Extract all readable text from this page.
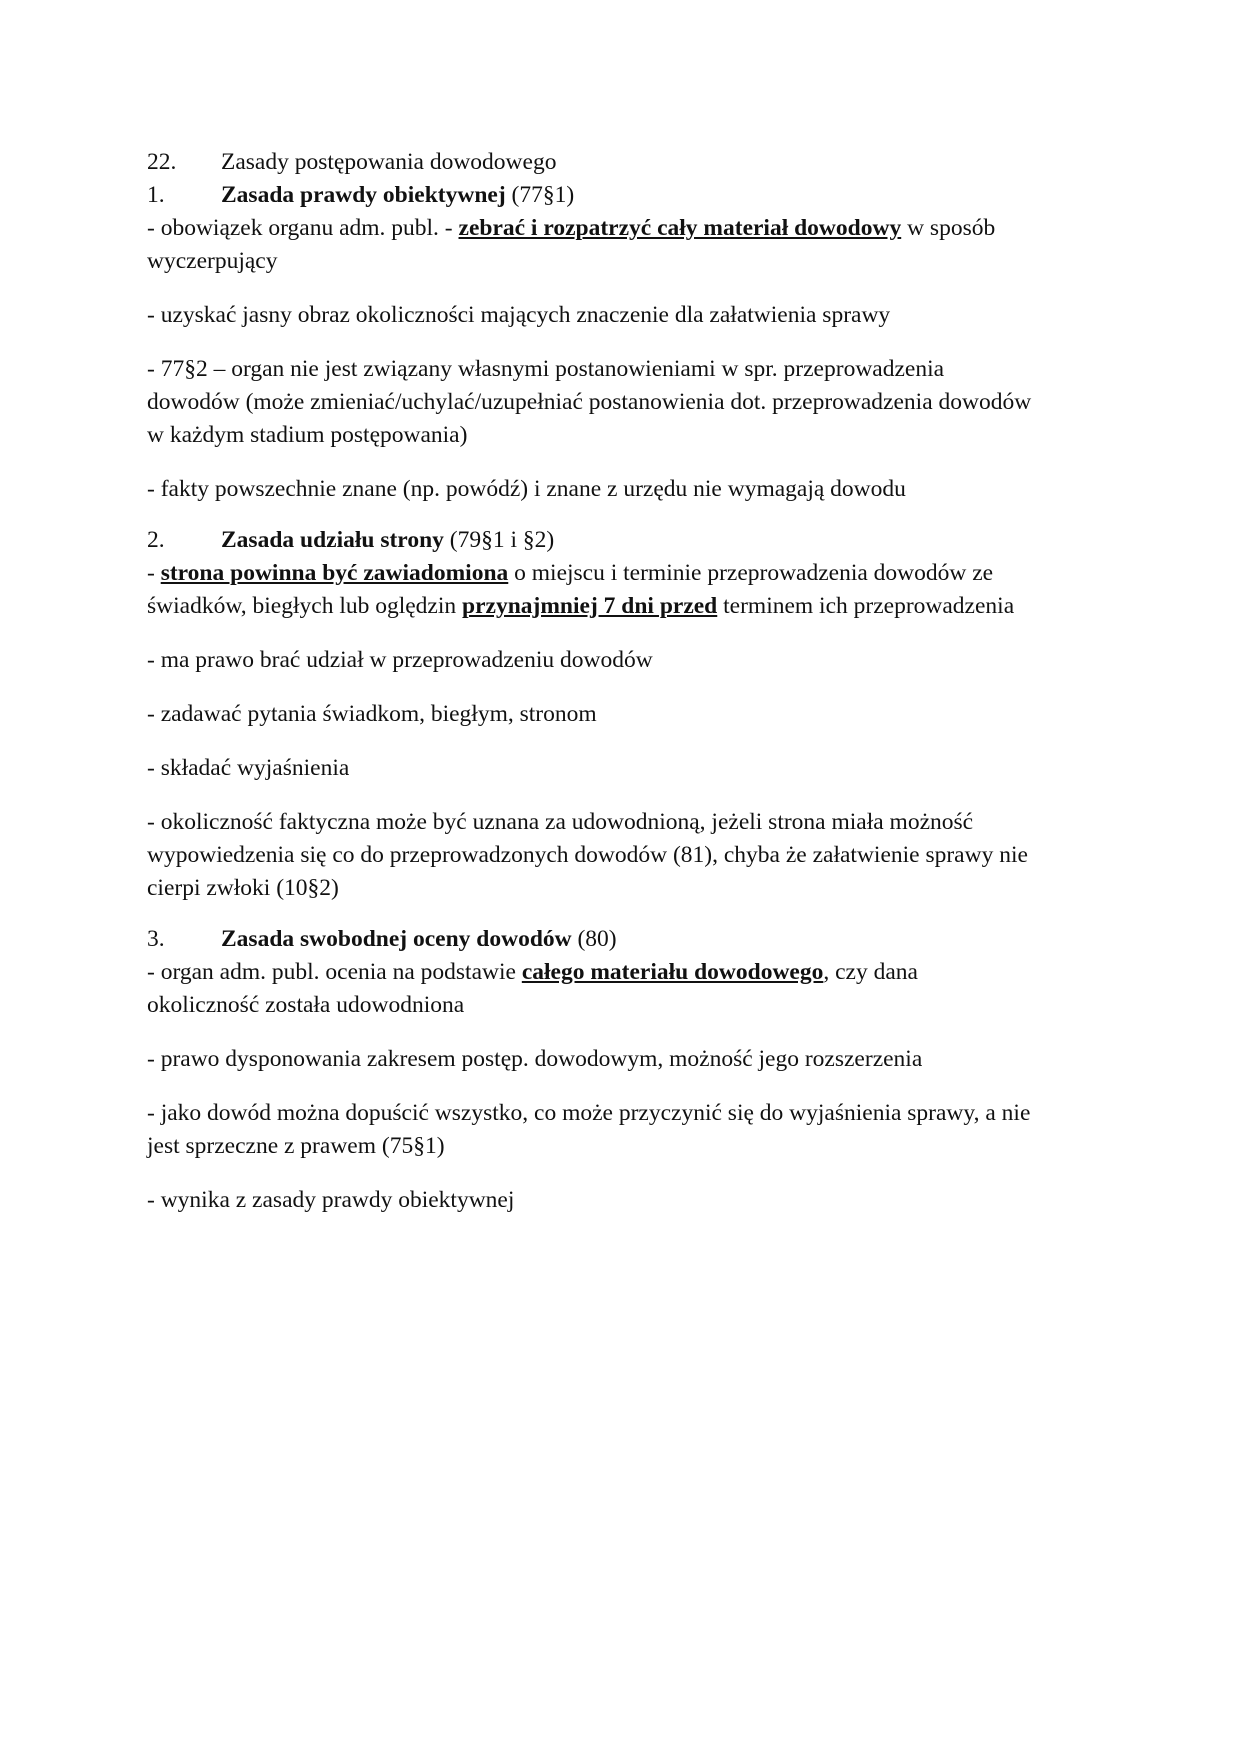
22. Zasady postępowania dowodowego

1. Zasada prawdy obiektywnej (77§1)

- obowiązek organu adm. publ. - zebrać i rozpatrzyć cały materiał dowodowy w sposób

wyczerpujący

- uzyskać jasny obraz okoliczności mających znaczenie dla załatwienia sprawy

- 77§2 – organ nie jest związany własnymi postanowieniami w spr. przeprowadzenia

dowodów (może zmieniać/uchylać/uzupełniać postanowienia dot. przeprowadzenia dowodów

w każdym stadium postępowania)

- fakty powszechnie znane (np. powódź) i znane z urzędu nie wymagają dowodu

2. Zasada udziału strony (79§1 i §2)

- strona powinna być zawiadomiona o miejscu i terminie przeprowadzenia dowodów ze

świadków, biegłych lub oględzin przynajmniej 7 dni przed terminem ich przeprowadzenia

- ma prawo brać udział w przeprowadzeniu dowodów

- zadawać pytania świadkom, biegłym, stronom

- składać wyjaśnienia

- okoliczność faktyczna może być uznana za udowodnioną, jeżeli strona miała możność

wypowiedzenia się co do przeprowadzonych dowodów (81), chyba że załatwienie sprawy nie

cierpi zwłoki (10§2)

3. Zasada swobodnej oceny dowodów (80)

- organ adm. publ. ocenia na podstawie całego materiału dowodowego, czy dana

okoliczność została udowodniona

- prawo dysponowania zakresem postęp. dowodowym, możność jego rozszerzenia

- jako dowód można dopuścić wszystko, co może przyczynić się do wyjaśnienia sprawy, a nie

jest sprzeczne z prawem (75§1)

- wynika z zasady prawdy obiektywnej
